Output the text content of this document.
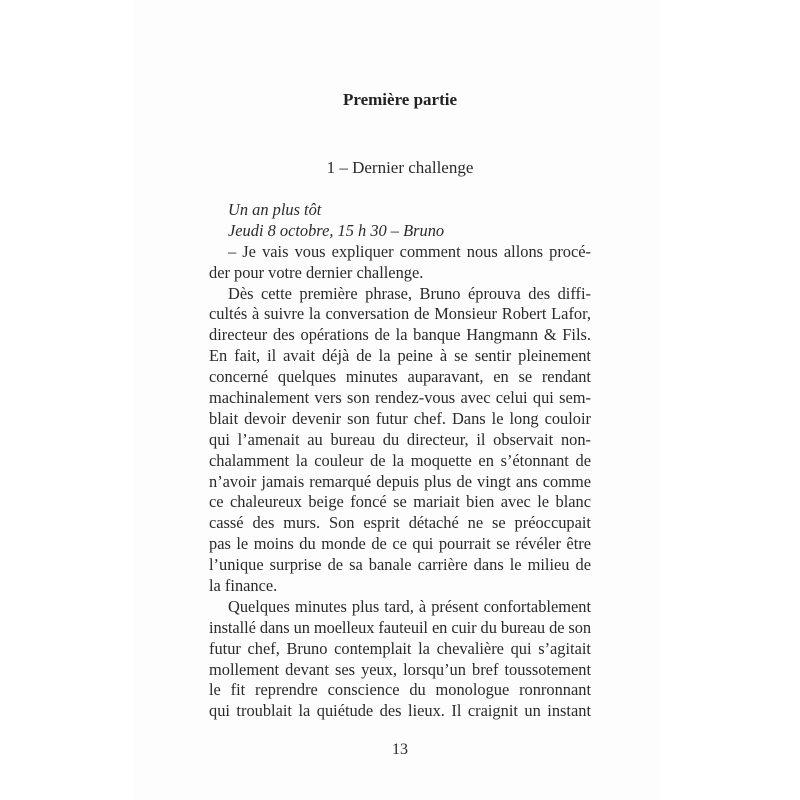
Première partie
1 – Dernier challenge
Un an plus tôt
Jeudi 8 octobre, 15 h 30 – Bruno
– Je vais vous expliquer comment nous allons procé-
der pour votre dernier challenge.
Dès cette première phrase, Bruno éprouva des diffi-
cultés à suivre la conversation de Monsieur Robert Lafor,
directeur des opérations de la banque Hangmann & Fils.
En fait, il avait déjà de la peine à se sentir pleinement
concerné quelques minutes auparavant, en se rendant
machinalement vers son rendez-vous avec celui qui sem-
blait devoir devenir son futur chef. Dans le long couloir
qui l’amenait au bureau du directeur, il observait non-
chalamment la couleur de la moquette en s’étonnant de
n’avoir jamais remarqué depuis plus de vingt ans comme
ce chaleureux beige foncé se mariait bien avec le blanc
cassé des murs. Son esprit détaché ne se préoccupait
pas le moins du monde de ce qui pourrait se révéler être
l’unique surprise de sa banale carrière dans le milieu de
la finance.
Quelques minutes plus tard, à présent confortablement
installé dans un moelleux fauteuil en cuir du bureau de son
futur chef, Bruno contemplait la chevalière qui s’agitait
mollement devant ses yeux, lorsqu’un bref toussotement
le fit reprendre conscience du monologue ronronnant
qui troublait la quiétude des lieux. Il craignit un instant
13
